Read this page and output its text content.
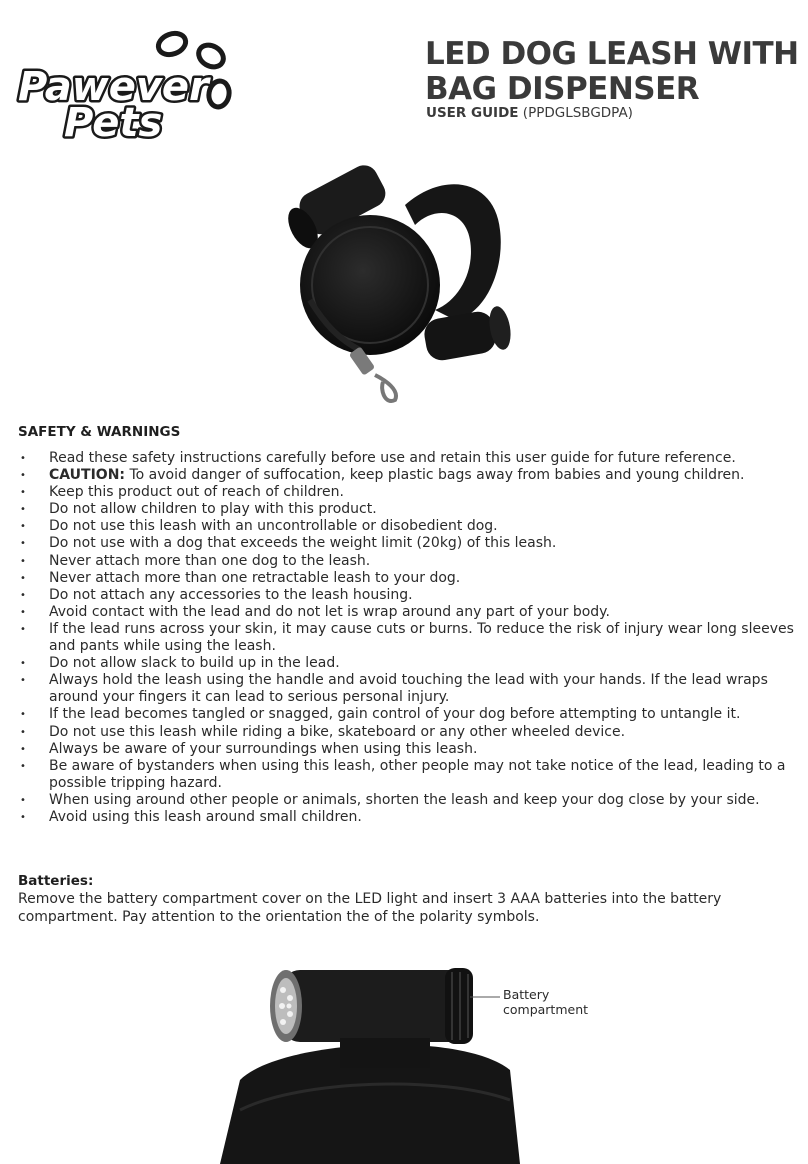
Pawever
Pets
LED DOG LEASH WITH
BAG DISPENSER
USER GUIDE (PPDGLSBGDPA)
SAFETY & WARNINGS
• Read these safety instructions carefully before use and retain this user guide for future reference.
• CAUTION: To avoid danger of suffocation, keep plastic bags away from babies and young children.
• Keep this product out of reach of children.
• Do not allow children to play with this product.
• Do not use this leash with an uncontrollable or disobedient dog.
• Do not use with a dog that exceeds the weight limit (20kg) of this leash.
• Never attach more than one dog to the leash.
• Never attach more than one retractable leash to your dog.
• Do not attach any accessories to the leash housing.
• Avoid contact with the lead and do not let is wrap around any part of your body.
• If the lead runs across your skin, it may cause cuts or burns. To reduce the risk of injury wear long sleeves and pants while using the leash.
• Do not allow slack to build up in the lead.
• Always hold the leash using the handle and avoid touching the lead with your hands. If the lead wraps around your fingers it can lead to serious personal injury.
• If the lead becomes tangled or snagged, gain control of your dog before attempting to untangle it.
• Do not use this leash while riding a bike, skateboard or any other wheeled device.
• Always be aware of your surroundings when using this leash.
• Be aware of bystanders when using this leash, other people may not take notice of the lead, leading to a possible tripping hazard.
• When using around other people or animals, shorten the leash and keep your dog close by your side.
• Avoid using this leash around small children.
Batteries:

Remove the battery compartment cover on the LED light and insert 3 AAA batteries into the battery compartment. Pay attention to the orientation the of the polarity symbols.

Battery
compartment
